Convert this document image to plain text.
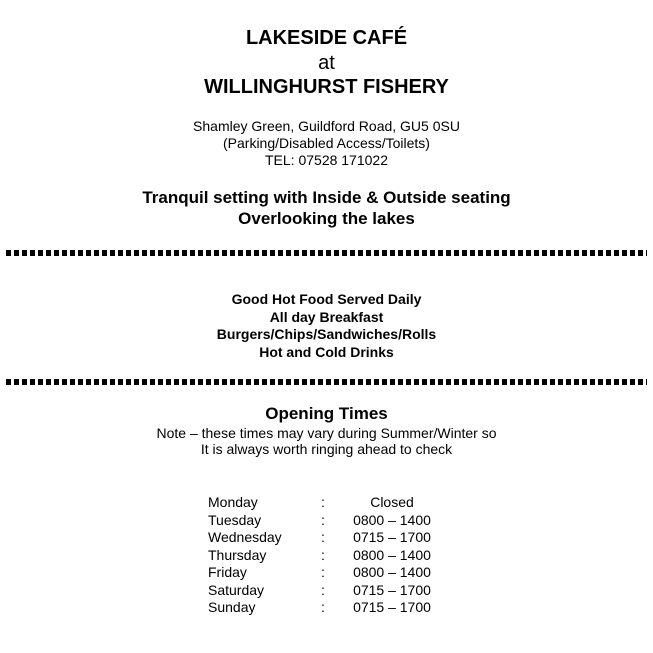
LAKESIDE CAFÉ
at
WILLINGHURST FISHERY
Shamley Green, Guildford Road, GU5 0SU
(Parking/Disabled Access/Toilets)
TEL: 07528 171022
Tranquil setting with Inside & Outside seating
Overlooking the lakes
Good Hot Food Served Daily
All day Breakfast
Burgers/Chips/Sandwiches/Rolls
Hot and Cold Drinks
Opening Times
Note – these times may vary during Summer/Winter so
It is always worth ringing ahead to check
Monday	:	Closed
Tuesday	:	0800 – 1400
Wednesday	:	0715 – 1700
Thursday	:	0800 – 1400
Friday	:	0800 – 1400
Saturday	:	0715 – 1700
Sunday	:	0715 – 1700
